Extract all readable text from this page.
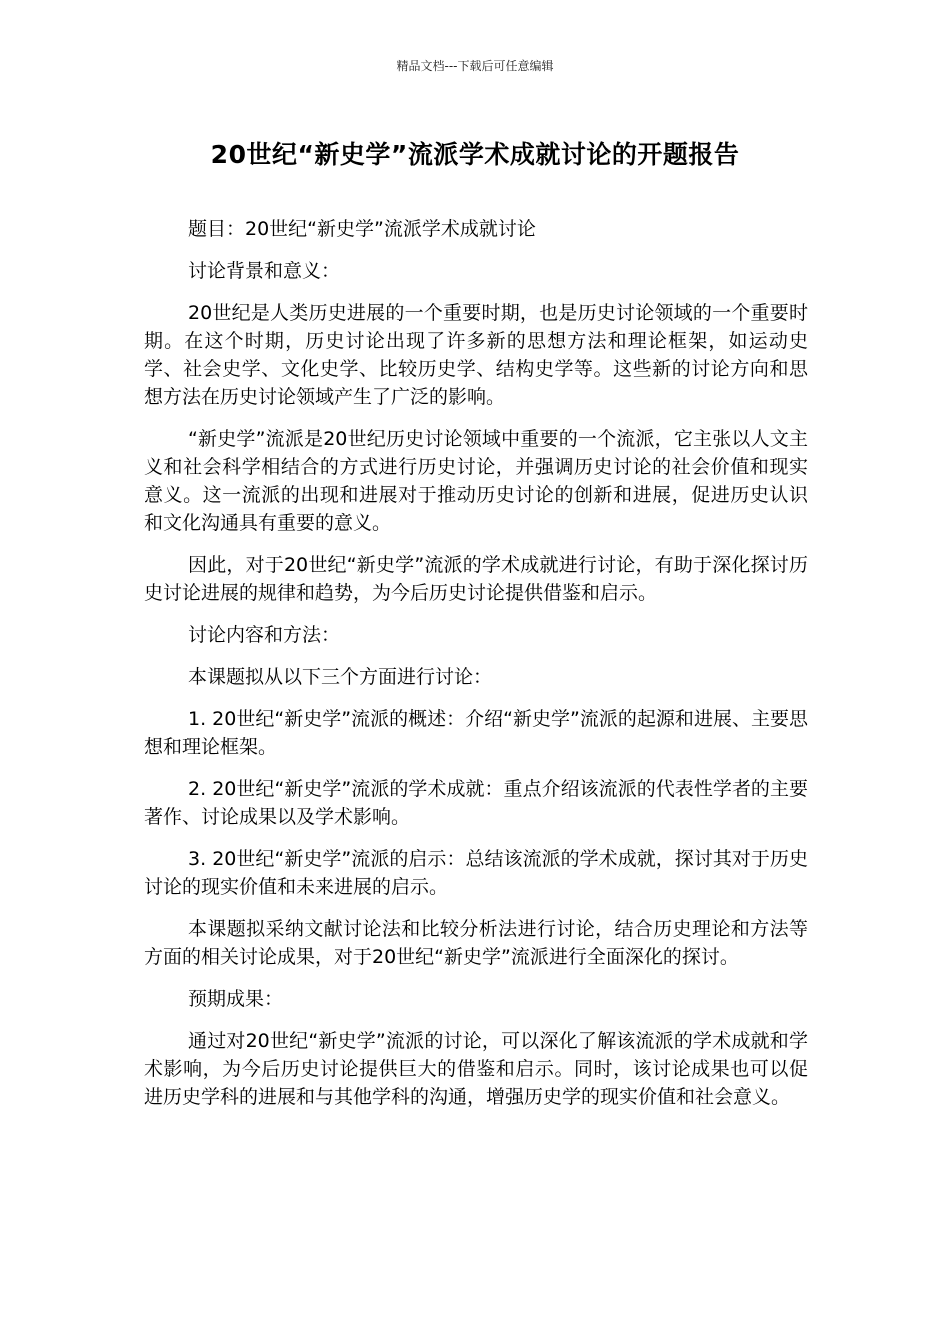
精品文档---下载后可任意编辑
20世纪“新史学”流派学术成就讨论的开题报告

题目：20世纪“新史学”流派学术成就讨论

讨论背景和意义：

20世纪是人类历史进展的一个重要时期，也是历史讨论领域的一个重要时期。在这个时期，历史讨论出现了许多新的思想方法和理论框架，如运动史学、社会史学、文化史学、比较历史学、结构史学等。这些新的讨论方向和思想方法在历史讨论领域产生了广泛的影响。

“新史学”流派是20世纪历史讨论领域中重要的一个流派，它主张以人文主义和社会科学相结合的方式进行历史讨论，并强调历史讨论的社会价值和现实意义。这一流派的出现和进展对于推动历史讨论的创新和进展，促进历史认识和文化沟通具有重要的意义。

因此，对于20世纪“新史学”流派的学术成就进行讨论，有助于深化探讨历史讨论进展的规律和趋势，为今后历史讨论提供借鉴和启示。

讨论内容和方法：

本课题拟从以下三个方面进行讨论：

1. 20世纪“新史学”流派的概述：介绍“新史学”流派的起源和进展、主要思想和理论框架。

2. 20世纪“新史学”流派的学术成就：重点介绍该流派的代表性学者的主要著作、讨论成果以及学术影响。

3. 20世纪“新史学”流派的启示：总结该流派的学术成就，探讨其对于历史讨论的现实价值和未来进展的启示。

本课题拟采纳文献讨论法和比较分析法进行讨论，结合历史理论和方法等方面的相关讨论成果，对于20世纪“新史学”流派进行全面深化的探讨。

预期成果：

通过对20世纪“新史学”流派的讨论，可以深化了解该流派的学术成就和学术影响，为今后历史讨论提供巨大的借鉴和启示。同时，该讨论成果也可以促进历史学科的进展和与其他学科的沟通，增强历史学的现实价值和社会意义。
